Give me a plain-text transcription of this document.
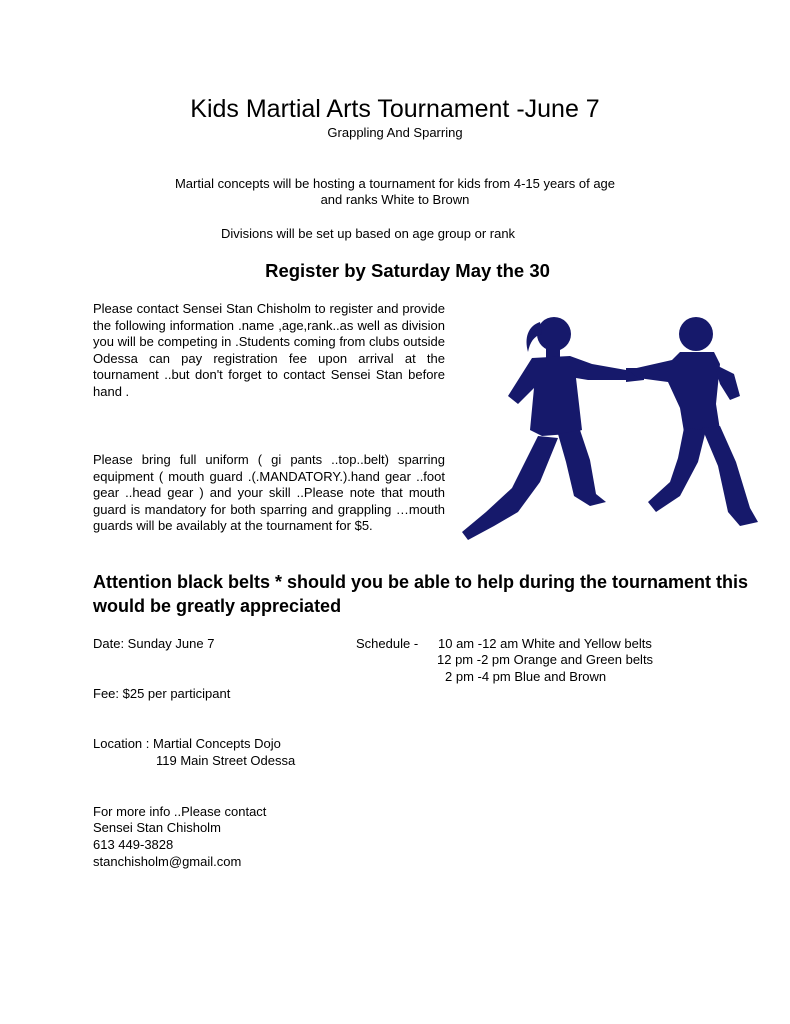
Kids Martial Arts Tournament -June 7
Grappling And Sparring
Martial concepts will be hosting a tournament for kids from 4-15 years of age
and ranks White to Brown
Divisions will be set up based on age group or rank
Register by Saturday May the 30
Please contact Sensei Stan Chisholm to register and provide the following information .name ,age,rank..as well as division you will be competing in .Students coming from clubs outside Odessa can pay registration fee upon arrival at the tournament ..but don't forget to contact Sensei Stan before hand .
Please bring full uniform ( gi pants ..top..belt) sparring equipment ( mouth guard .(.MANDATORY.).hand gear ..foot gear ..head gear ) and your skill ..Please note that mouth guard is mandatory for both sparring and grappling …mouth guards will be availably at the tournament for $5.
Attention black belts * should you be able to help during the tournament this would be greatly appreciated
Date: Sunday June 7	Schedule - 10 am -12 am White and Yellow belts
12 pm -2 pm Orange and Green belts
2 pm -4 pm Blue and Brown
Fee: $25 per participant
Location : Martial Concepts Dojo
119 Main Street Odessa
For more info ..Please contact
Sensei Stan Chisholm
613 449-3828
stanchisholm@gmail.com
